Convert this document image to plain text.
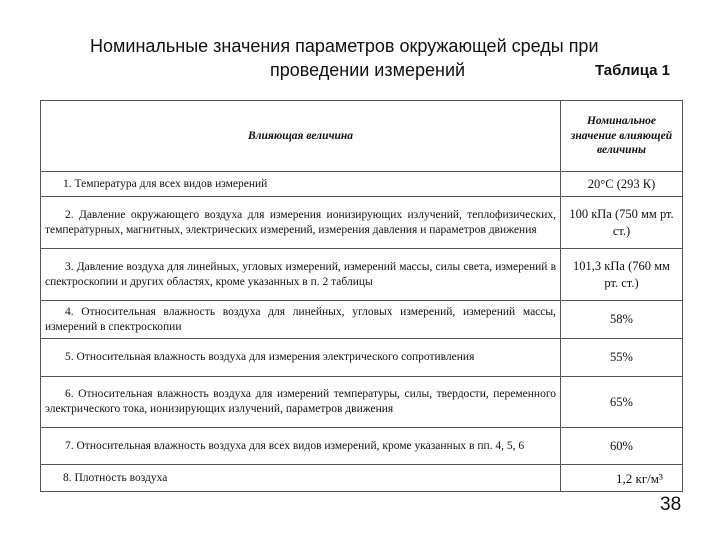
Номинальные значения параметров окружающей среды при
проведении измерений	Таблица 1
Влияющая величина	Номинальное значение влияющей величины
1. Температура для всех видов измерений	20°С (293 К)
2. Давление окружающего воздуха для измерения ионизирующих излучений, теплофизических, температурных, магнитных, электрических измерений, измерения давления и параметров движения	100 кПа (750 мм рт. ст.)
3. Давление воздуха для линейных, угловых измерений, измерений массы, силы света, измерений в спектроскопии и других областях, кроме указанных в п. 2 таблицы	101,3 кПа (760 мм рт. ст.)
4. Относительная влажность воздуха для линейных, угловых измерений, измерений массы, измерений в спектроскопии	58%
5. Относительная влажность воздуха для измерения электрического сопротивления	55%
6. Относительная влажность воздуха для измерений температуры, силы, твердости, переменного электрического тока, ионизирующих излучений, параметров движения	65%
7. Относительная влажность воздуха для всех видов измерений, кроме указанных в пп. 4, 5, 6	60%
8. Плотность воздуха	1,2 кг/м³
38
